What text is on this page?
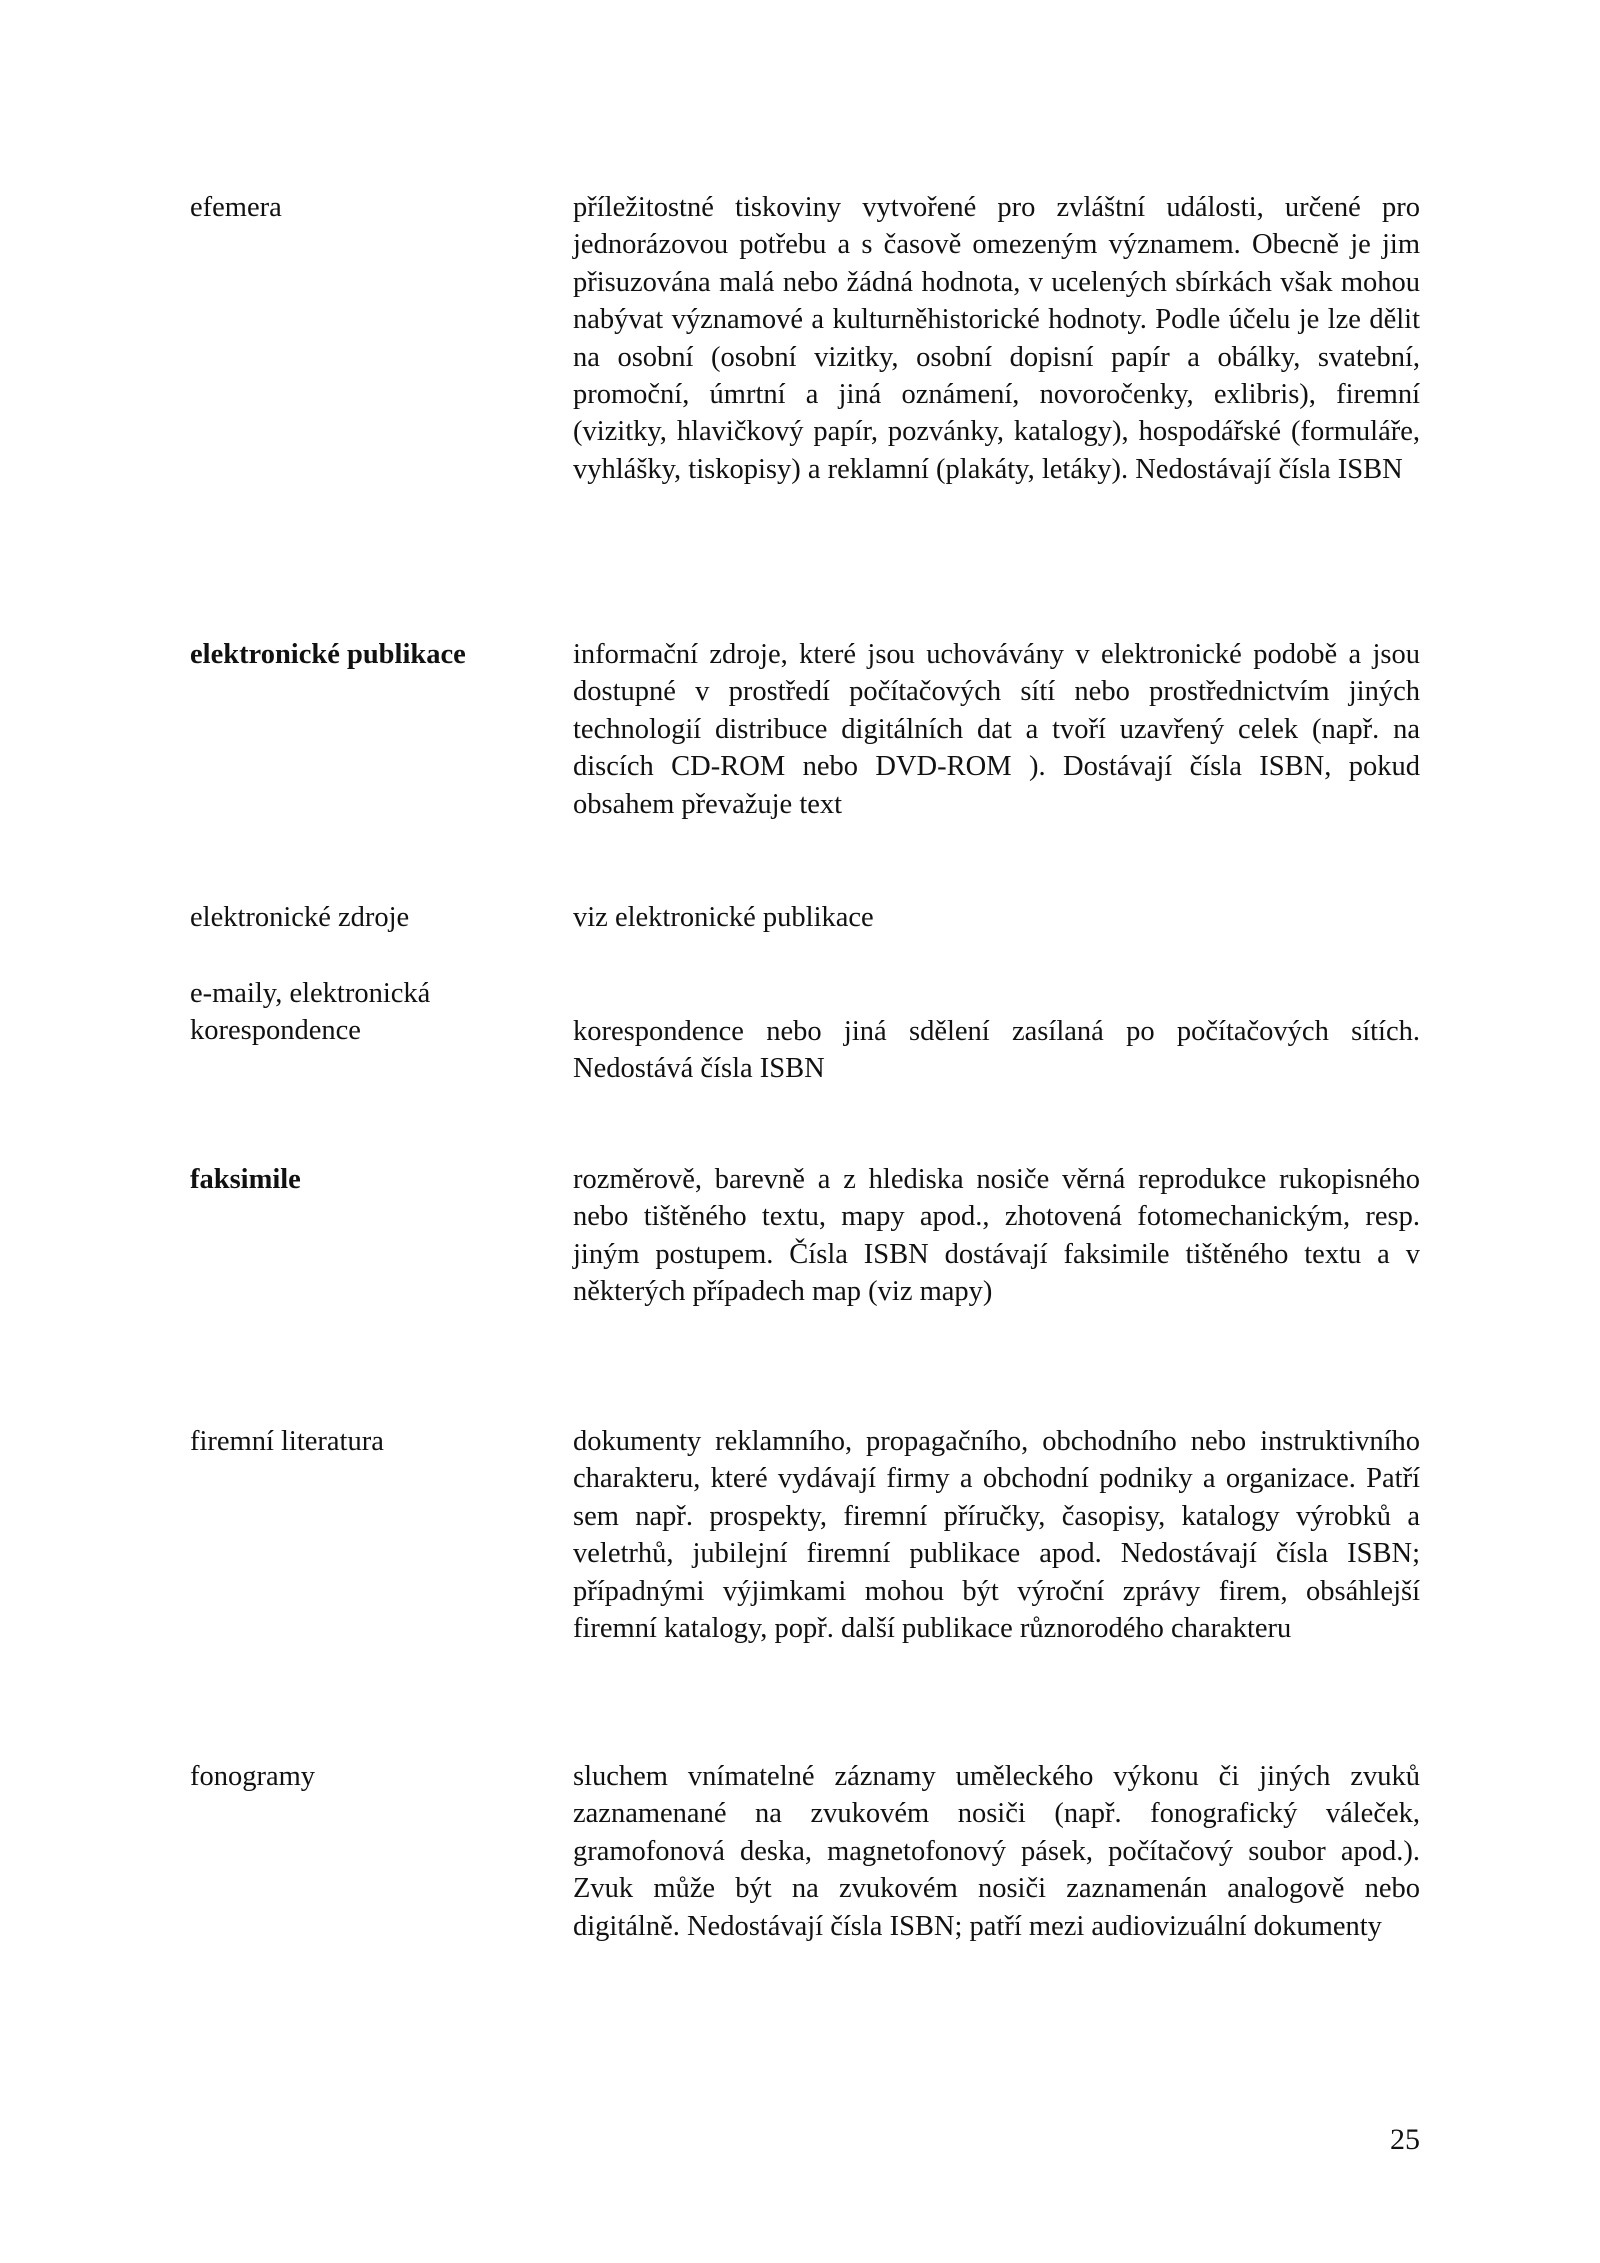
efemera	příležitostné tiskoviny vytvořené pro zvláštní události, určené pro jednorázovou potřebu a s časově omezeným významem. Obecně je jim přisuzována malá nebo žádná hodnota, v ucelených sbírkách však mohou nabývat významové a kulturněhistorické hodnoty. Podle účelu je lze dělit na osobní (osobní vizitky, osobní dopisní papír a obálky, svatební, promoční, úmrtní a jiná oznámení, novoročenky, exlibris), firemní (vizitky, hlavičkový papír, pozvánky, katalogy), hospodářské (formuláře, vyhlášky, tiskopisy) a reklamní (plakáty, letáky). Nedostávají čísla ISBN
elektronické publikace	informační zdroje, které jsou uchovávány v elektronické podobě a jsou dostupné v prostředí počítačových sítí nebo prostřednictvím jiných technologií distribuce digitálních dat a tvoří uzavřený celek (např. na discích CD-ROM nebo DVD-ROM ). Dostávají čísla ISBN, pokud obsahem převažuje text
elektronické zdroje	viz elektronické publikace
e-maily, elektronická korespondence	korespondence nebo jiná sdělení zasílaná po počítačových sítích. Nedostává čísla ISBN
faksimile	rozměrově, barevně a z hlediska nosiče věrná reprodukce rukopisného nebo tištěného textu, mapy apod., zhotovená fotomechanickým, resp. jiným postupem. Čísla ISBN dostávají faksimile tištěného textu a v některých případech map (viz mapy)
firemní literatura	dokumenty reklamního, propagačního, obchodního nebo instruktivního charakteru, které vydávají firmy a obchodní podniky a organizace. Patří sem např. prospekty, firemní příručky, časopisy, katalogy výrobků a veletrhů, jubilejní firemní publikace apod. Nedostávají čísla ISBN; případnými výjimkami mohou být výroční zprávy firem, obsáhlejší firemní katalogy, popř. další publikace různorodého charakteru
fonogramy	sluchem vnímatelné záznamy uměleckého výkonu či jiných zvuků zaznamenané na zvukovém nosiči (např. fonografický váleček, gramofonová deska, magnetofonový pásek, počítačový soubor apod.). Zvuk může být na zvukovém nosiči zaznamenán analogově nebo digitálně. Nedostávají čísla ISBN; patří mezi audiovizuální dokumenty
25
